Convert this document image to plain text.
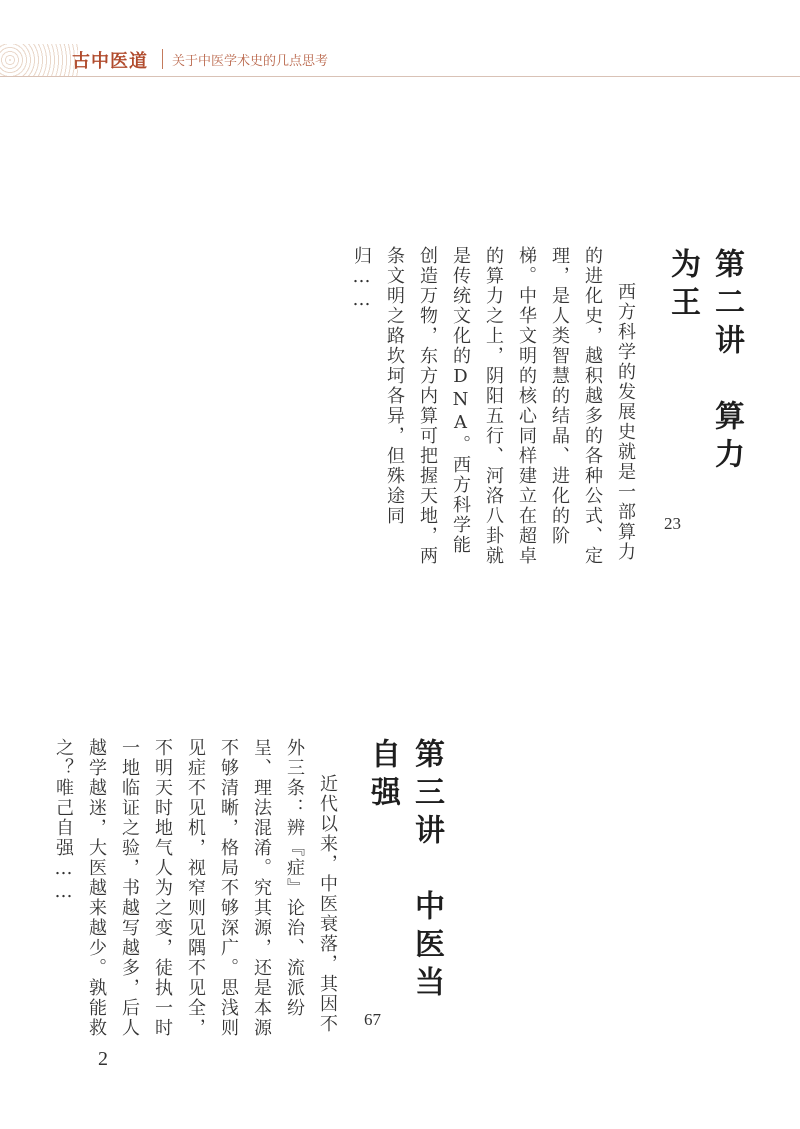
古中医道 关于中医学术史的几点思考
第二讲　算力为王
23
西方科学的发展史就是一部算力的进化史，越积越多的各种公式、定理，是人类智慧的结晶、进化的阶梯。中华文明的核心同样建立在超卓的算力之上，阴阳五行、河洛八卦就是传统文化的DNA。西方科学能创造万物，东方内算可把握天地，两条文明之路坎坷各异，但殊途同归……
第三讲　中医当自强
67
近代以来，中医衰落，其因不外三条：辨『症』论治、流派纷呈、理法混淆。究其源，还是本源不够清晰，格局不够深广。思浅则见症不见机，视窄则见隅不见全，不明天时地气人为之变，徒执一时一地临证之验，书越写越多，后人越学越迷，大医越来越少。孰能救之？唯己自强……
2
